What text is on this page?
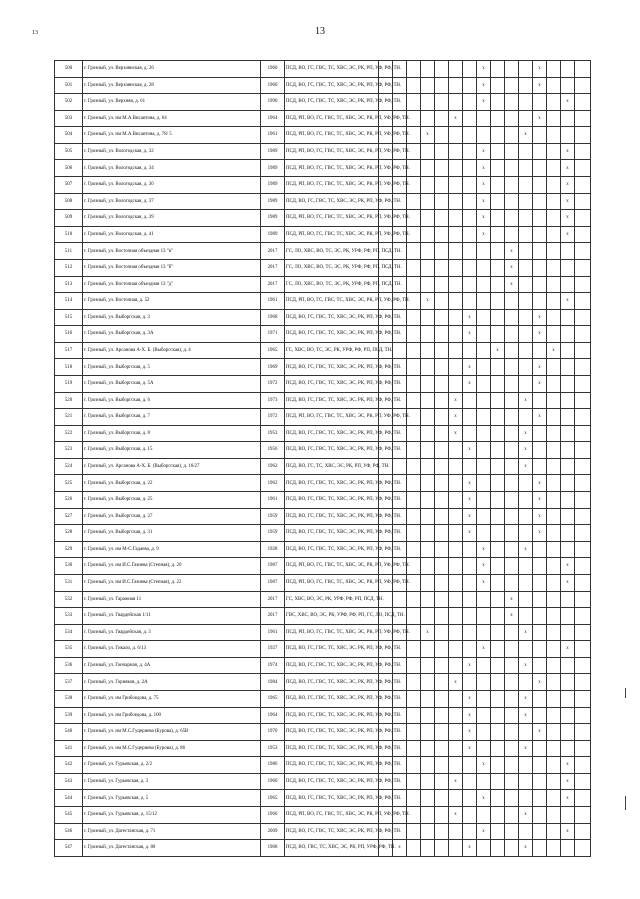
13	13
500	г. Грозный, ул. Верхоянская, д. 26	1960	ПСД, ВО, ГС, ГВС, ТС, ХВС, ЭС, РК, РП, УФ, РФ, ТН.								x				x			
501	г. Грозный, ул. Верхоянская, д. 28	1960	ПСД, ВО, ГС, ГВС, ТС, ХВС, ЭС, РК, РП, УФ, РФ, ТН.								x				x			
502	г. Грозный, ул. Верхняя, д. 61	1990	ПСД, ВО, ГС, ГВС, ТС, ХВС, ЭС, РК, РП, УФ, РФ, ТН.								x						x	
503	г. Грозный, ул. им М.А.Висаитова, д. 64	1964	ПСД, РП, ВО, ГС, ГВС, ТС, ХВС, ЭС, РК, РП, УФ, РФ, ТН.						x						x			
504	г. Грозный, ул. им М.А.Висаитова, д. 78/ 5	1961	ПСД, РП, ВО, ГС, ГВС, ТС, ХВС, ЭС, РК, РП, УФ, РФ, ТН.				x							x				
505	г. Грозный, ул. Вологодская, д. 32	1989	ПСД, РП, ВО, ГС, ГВС, ТС, ХВС, ЭС, РК, РП, УФ, РФ, ТН.								x						x	
506	г. Грозный, ул. Вологодская, д. 34	1989	ПСД, РП, ВО, ГС, ГВС, ТС, ХВС, ЭС, РК, РП, УФ, РФ, ТН.								x						x	
507	г. Грозный, ул. Вологодская, д. 36	1989	ПСД, РП, ВО, ГС, ГВС, ТС, ХВС, ЭС, РК, РП, УФ, РФ, ТН.								x						x	
508	г. Грозный, ул. Вологодская, д. 37	1989	ПСД, ВО, ГС, ГВС, ТС, ХВС, ЭС, РК, РП, УФ, РФ, ТН.								x						x	
509	г. Грозный, ул. Вологодская, д. 39	1989	ПСД, РП, ВО, ГС, ГВС, ТС, ХВС, ЭС, РК, РП, УФ, РФ, ТН.								x						x	
510	г. Грозный, ул. Вологодская, д. 41	1989	ПСД, РП, ВО, ГС, ГВС, ТС, ХВС, ЭС, РК, РП, УФ, РФ, ТН.								x						x	
511	г. Грозный, ул. Восточная объездная 13 "в"	2017	ГС, ЛО, ХВС, ВО, ТС, ЭС, РК, УРФ, РФ, РП, ПСД, ТН.										x					
512	г. Грозный, ул. Восточная объездная 13 "б"	2017	ГС, ЛО, ХВС, ВО, ТС, ЭС, РК, УРФ, РФ, РП, ПСД, ТН.										x					
513	г. Грозный, ул. Восточная объездная 13 "д"	2017	ГС, ЛО, ХВС, ВО, ТС, ЭС, РК, УРФ, РФ, РП, ПСД, ТН.										x					
514	г. Грозный, ул. Восточная, д. 52	1961	ПСД, РП, ВО, ГС, ГВС, ТС, ХВС, ЭС, РК, РП, УФ, РФ, ТН.				x										x	
515	г. Грозный, ул. Выборгская, д. 3	1968	ПСД, ВО, ГС, ГВС, ТС, ХВС, ЭС, РК, РП, УФ, РФ, ТН.							x					x			
516	г. Грозный, ул. Выборгская, д. 3А	1971	ПСД, ВО, ГС, ГВС, ТС, ХВС, ЭС, РК, РП, УФ, РФ, ТН.							x					x			
517	г. Грозный, ул. Арсанова А-Х. Б. (Выборгская), д. 4	1965	ГС, ХВС, ВО, ТС, ЭС, РК, УРФ, РФ, РП, ПСД, ТН.									x				x		
518	г. Грозный, ул. Выборгская, д. 5	1969	ПСД, ВО, ГС, ГВС, ТС, ХВС, ЭС, РК, РП, УФ, РФ, ТН.							x					x			
519	г. Грозный, ул. Выборгская, д. 5А	1972	ПСД, ВО, ГС, ГВС, ТС, ХВС, ЭС, РК, РП, УФ, РФ, ТН.							x					x			
520	г. Грозный, ул. Выборгская, д. 6	1973	ПСД, ВО, ГС, ГВС, ТС, ХВС, ЭС, РК, РП, УФ, РФ, ТН.						x					x				
521	г. Грозный, ул. Выборгская, д. 7	1972	ПСД, РП, ВО, ГС, ГВС, ТС, ХВС, ЭС, РК, РП, УФ, РФ, ТН.						x						x			
522	г. Грозный, ул. Выборгская, д. 8	1953	ПСД, ВО, ГС, ГВС, ТС, ХВС, ЭС, РК, РП, УФ, РФ, ТН.						x					x				
523	г. Грозный, ул. Выборгская, д. 15	1956	ПСД, ВО, ГС, ГВС, ТС, ХВС, ЭС, РК, РП, УФ, РФ, ТН.							x				x				
524	г. Грозный, ул. Арсанова А-Х. Б. (Выборгская), д. 16/27	1962	ПСД, ВО, ГС, ТС, ХВС, ЭС, РК, РП, УФ, РФ, ТН.											x				
525	г. Грозный, ул. Выборгская, д. 22	1962	ПСД, ВО, ГС, ГВС, ТС, ХВС, ЭС, РК, РП, УФ, РФ, ТН.							x					x			
526	г. Грозный, ул. Выборгская, д. 25	1961	ПСД, ВО, ГС, ГВС, ТС, ХВС, ЭС, РК, РП, УФ, РФ, ТН.							x					x			
527	г. Грозный, ул. Выборгская, д. 27	1959	ПСД, ВО, ГС, ГВС, ТС, ХВС, ЭС, РК, РП, УФ, РФ, ТН.							x					x			
528	г. Грозный, ул. Выборгская, д. 31	1959	ПСД, ВО, ГС, ГВС, ТС, ХВС, ЭС, РК, РП, УФ, РФ, ТН.							x					x			
529	г. Грозный, ул. им М-С.Гадаева, д. 9	1928	ПСД, ВО, ГС, ГВС, ТС, ХВС, ЭС, РК, РП, УФ, РФ, ТН.								x			x				
530	г. Грозный, ул. им И.С.Газиева (Степная), д. 20	1987	ПСД, РП, ВО, ГС, ГВС, ТС, ХВС, ЭС, РК, РП, УФ, РФ, ТН.								x						x	
531	г. Грозный, ул. им И.С.Газиева (Степная), д. 22	1987	ПСД, РП, ВО, ГС, ГВС, ТС, ХВС, ЭС, РК, РП, УФ, РФ, ТН.								x						x	
532	г. Грозный, ул. Гаражная 11	2017	ГС, ХВС, ВО, ЭС, РК, УРФ, РФ, РП, ПСД, ТН.										x					
533	г. Грозный, ул. Гвардейская 1/11	2017	ГВС, ХВС, ВО, ЭС, РК, УРФ, РФ, РП, ГС, ЛО, ПСД, ТН.										x					
534	г. Грозный, ул. Гвардейская, д. 3	1961	ПСД, РП, ВО, ГС, ГВС, ТС, ХВС, ЭС, РК, РП, УФ, РФ, ТН.				x							x				
535	г. Грозный, ул. Гикало, д. 6/13	1927	ПСД, ВО, ГС, ГВС, ТС, ХВС, ЭС, РК, РП, УФ, РФ, ТН.								x						x	
536	г. Грозный, ул. Гончарная, д. 4А	1974	ПСД, ВО, ГС, ГВС, ТС, ХВС, ЭС, РК, РП, УФ, РФ, ТН.							x				x				
537	г. Грозный, ул. Горняков, д. 2А	1984	ПСД, ВО, ГС, ГВС, ТС, ХВС, ЭС, РК, РП, УФ, РФ, ТН.						x						x			
538	г. Грозный, ул. им Грибоедова, д. 75	1965	ПСД, ВО, ГС, ГВС, ТС, ХВС, ЭС, РК, РП, УФ, РФ, ТН.							x				x				
539	г. Грозный, ул. им Грибоедова, д. 100	1964	ПСД, ВО, ГС, ГВС, ТС, ХВС, ЭС, РК, РП, УФ, РФ, ТН.							x				x				
540	г. Грозный, ул. им М.С.Гуцериева (Бурова), д. 65В	1970	ПСД, ВО, ГС, ГВС, ТС, ХВС, ЭС, РК, РП, УФ, РФ, ТН.							x					x			
541	г. Грозный, ул. им М.С.Гуцериева (Бурова), д. 86	1953	ПСД, ВО, ГС, ГВС, ТС, ХВС, ЭС, РК, РП, УФ, РФ, ТН.							x				x				
542	г. Грозный, ул. Гурьевская, д. 2/2	1986	ПСД, ВО, ГС, ГВС, ТС, ХВС, ЭС, РК, РП, УФ, РФ, ТН.								x						x	
543	г. Грозный, ул. Гурьевская, д. 3	1960	ПСД, ВО, ГС, ГВС, ТС, ХВС, ЭС, РК, РП, УФ, РФ, ТН.						x								x	
544	г. Грозный, ул. Гурьевская, д. 5	1965	ПСД, ВО, ГС, ГВС, ТС, ХВС, ЭС, РК, РП, УФ, РФ, ТН.								x						x	
545	г. Грозный, ул. Гурьевская, д. 15/12	1966	ПСД, РП, ВО, ГС, ГВС, ТС, ХВС, ЭС, РК, РП, УФ, РФ, ТН.						x					x				
546	г. Грозный, ул. Дагестанская, д. 71	2009	ПСД, ВО, ГС, ГВС, ТС, ХВС, ЭС, РК, РП, УФ, РФ, ТН.								x						x	
547	г. Грозный, ул. Дагестанская, д. 80	1968	ПСД, ВО, ГВС, ТС, ХВС, ЭС, РК, РП, УРФ, РФ, ТН.		x					x				x				
